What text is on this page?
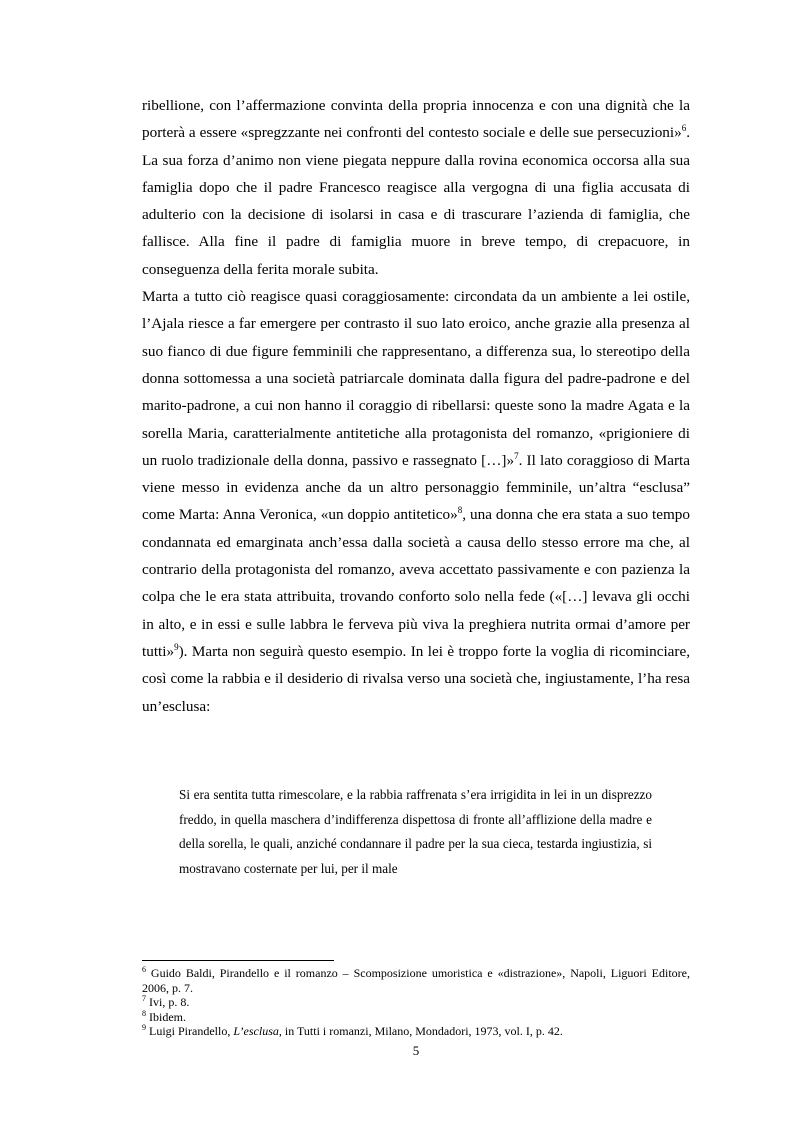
ribellione, con l’affermazione convinta della propria innocenza e con una dignità che la porterà a essere «spregzzante nei confronti del contesto sociale e delle sue persecuzioni»$^6$. La sua forza d’animo non viene piegata neppure dalla rovina economica occorsa alla sua famiglia dopo che il padre Francesco reagisce alla vergogna di una figlia accusata di adulterio con la decisione di isolarsi in casa e di trascurare l’azienda di famiglia, che fallisce. Alla fine il padre di famiglia muore in breve tempo, di crepacuore, in conseguenza della ferita morale subita.

Marta a tutto ciò reagisce quasi coraggiosamente: circondata da un ambiente a lei ostile, l’Ajala riesce a far emergere per contrasto il suo lato eroico, anche grazie alla presenza al suo fianco di due figure femminili che rappresentano, a differenza sua, lo stereotipo della donna sottomessa a una società patriarcale dominata dalla figura del padre-padrone e del marito-padrone, a cui non hanno il coraggio di ribellarsi: queste sono la madre Agata e la sorella Maria, caratterialmente antitetiche alla protagonista del romanzo, «prigioniere di un ruolo tradizionale della donna, passivo e rassegnato […]»$^7$. Il lato coraggioso di Marta viene messo in evidenza anche da un altro personaggio femminile, un’altra “esclusa” come Marta: Anna Veronica, «un doppio antitetico»$^8$, una donna che era stata a suo tempo condannata ed emarginata anch’essa dalla società a causa dello stesso errore ma che, al contrario della protagonista del romanzo, aveva accettato passivamente e con pazienza la colpa che le era stata attribuita, trovando conforto solo nella fede («[…] levava gli occhi in alto, e in essi e sulle labbra le ferveva più viva la preghiera nutrita ormai d’amore per tutti»$^9$). Marta non seguirà questo esempio. In lei è troppo forte la voglia di ricominciare, così come la rabbia e il desiderio di rivalsa verso una società che, ingiustamente, l’ha resa un’esclusa:

Si era sentita tutta rimescolare, e la rabbia raffrenata s’era irrigidita in lei in un disprezzo freddo, in quella maschera d’indifferenza dispettosa di fronte all’afflizione della madre e della sorella, le quali, anziché condannare il padre per la sua cieca, testarda ingiustizia, si mostravano costernate per lui, per il male

$^6$ Guido Baldi, Pirandello e il romanzo – Scomposizione umoristica e «distrazione», Napoli, Liguori Editore, 2006, p. 7.

$^7$ Ivi, p. 8.

$^8$ Ibidem.

$^9$ Luigi Pirandello, L’esclusa, in Tutti i romanzi, Milano, Mondadori, 1973, vol. I, p. 42.

5
